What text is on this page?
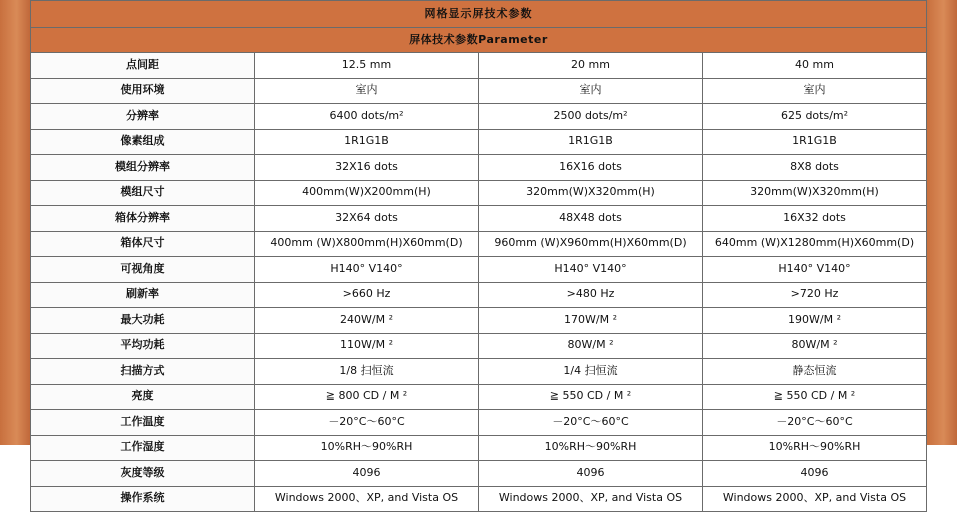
网格显示屏技术参数			
屏体技术参数Parameter			
点间距	12.5 mm	20 mm	40 mm
使用环境	室内	室内	室内
分辨率	6400 dots/m²	2500 dots/m²	625 dots/m²
像素组成	1R1G1B	1R1G1B	1R1G1B
模组分辨率	32X16 dots	16X16 dots	8X8 dots
模组尺寸	400mm(W)X200mm(H)	320mm(W)X320mm(H)	320mm(W)X320mm(H)
箱体分辨率	32X64 dots	48X48 dots	16X32 dots
箱体尺寸	400mm (W)X800mm(H)X60mm(D)	960mm (W)X960mm(H)X60mm(D)	640mm (W)X1280mm(H)X60mm(D)
可视角度	H140° V140°	H140° V140°	H140° V140°
刷新率	>660 Hz	>480 Hz	>720 Hz
最大功耗	240W/M ²	170W/M ²	190W/M ²
平均功耗	110W/M ²	80W/M ²	80W/M ²
扫描方式	1/8 扫恒流	1/4 扫恒流	静态恒流
亮度	≧ 800 CD / M ²	≧ 550 CD / M ²	≧ 550 CD / M ²
工作温度	－20°C～60°C	－20°C～60°C	－20°C～60°C
工作湿度	10%RH～90%RH	10%RH～90%RH	10%RH～90%RH
灰度等级	4096	4096	4096
操作系统	Windows 2000、XP, and Vista OS	Windows 2000、XP, and Vista OS	Windows 2000、XP, and Vista OS
